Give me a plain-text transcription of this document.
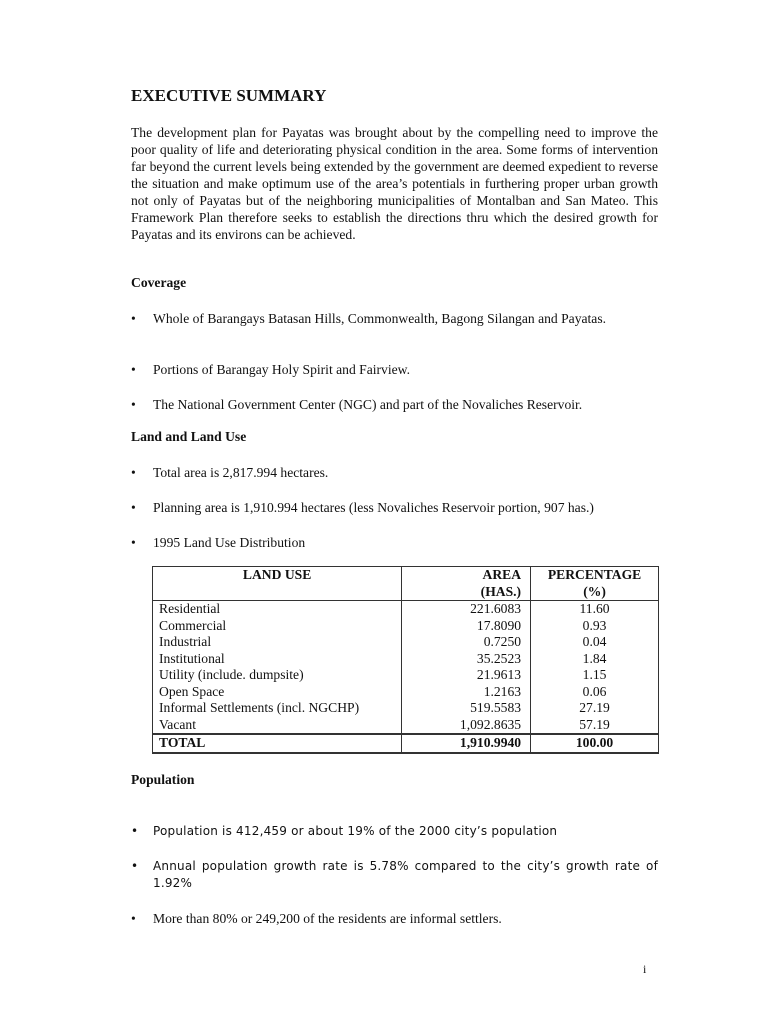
EXECUTIVE SUMMARY
The development plan for Payatas was brought about by the compelling need to improve the poor quality of life and deteriorating physical condition in the area. Some forms of intervention far beyond the current levels being extended by the government are deemed expedient to reverse the situation and make optimum use of the area’s potentials in furthering proper urban growth not only of Payatas but of the neighboring municipalities of Montalban and San Mateo. This Framework Plan therefore seeks to establish the directions thru which the desired growth for Payatas and its environs can be achieved.
Coverage
• Whole of Barangays Batasan Hills, Commonwealth, Bagong Silangan and Payatas.
• Portions of Barangay Holy Spirit and Fairview.
• The National Government Center (NGC) and part of the Novaliches Reservoir.
Land and Land Use
• Total area is 2,817.994 hectares.
• Planning area is 1,910.994 hectares (less Novaliches Reservoir portion, 907 has.)
• 1995 Land Use Distribution
LAND USE	AREA (HAS.)	PERCENTAGE (%)
Residential	221.6083	11.60
Commercial	17.8090	0.93
Industrial	0.7250	0.04
Institutional	35.2523	1.84
Utility (include. dumpsite)	21.9613	1.15
Open Space	1.2163	0.06
Informal Settlements (incl. NGCHP)	519.5583	27.19
Vacant	1,092.8635	57.19
TOTAL	1,910.9940	100.00
Population
• Population is 412,459 or about 19% of the 2000 city’s population
• Annual population growth rate is 5.78% compared to the city’s growth rate of 1.92%
• More than 80% or 249,200 of the residents are informal settlers.
i
